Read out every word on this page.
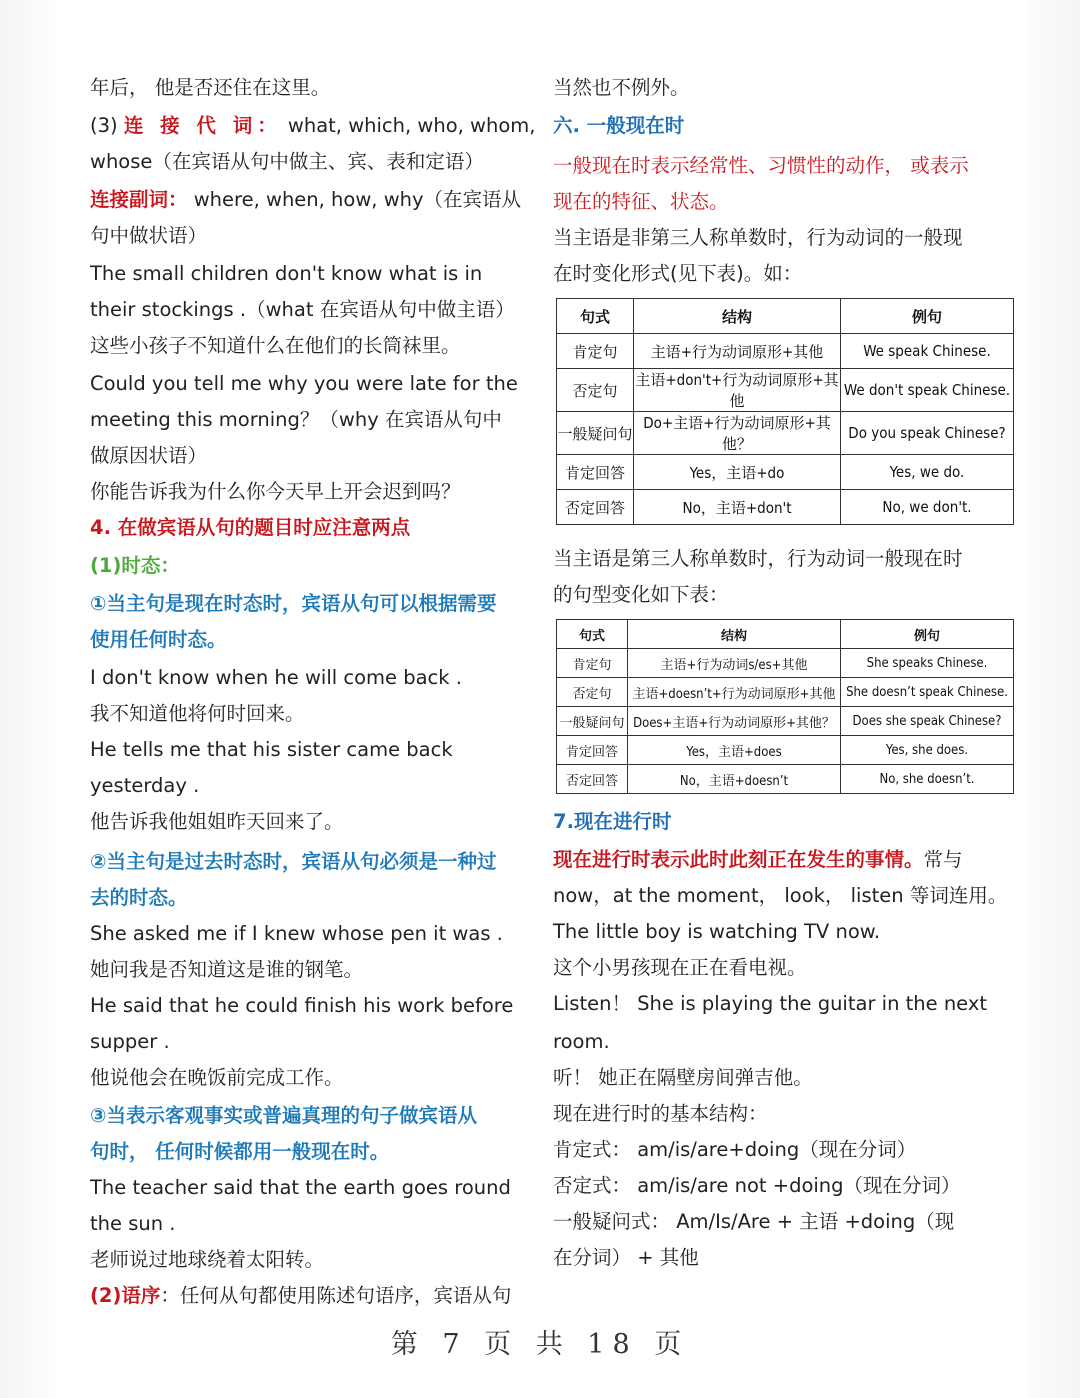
年后， 他是否还住在这里。

(3) 连 接 代 词： what, which, who, whom,

whose（在宾语从句中做主、宾、表和定语）

连接副词： where, when, how, why（在宾语从

句中做状语）

The small children don't know what is in

their stockings .（what 在宾语从句中做主语）

这些小孩子不知道什么在他们的长筒袜里。

Could you tell me why you were late for the

meeting this morning？（why 在宾语从句中

做原因状语）

你能告诉我为什么你今天早上开会迟到吗？

4. 在做宾语从句的题目时应注意两点

(1)时态：

①当主句是现在时态时，宾语从句可以根据需要

使用任何时态。

I don't know when he will come back .

我不知道他将何时回来。

He tells me that his sister came back

yesterday .

他告诉我他姐姐昨天回来了。

②当主句是过去时态时，宾语从句必须是一种过

去的时态。

She asked me if I knew whose pen it was .

她问我是否知道这是谁的钢笔。

He said that he could finish his work before

supper .

他说他会在晚饭前完成工作。

③当表示客观事实或普遍真理的句子做宾语从

句时， 任何时候都用一般现在时。

The teacher said that the earth goes round

the sun .

老师说过地球绕着太阳转。

(2)语序：任何从句都使用陈述句语序，宾语从句

当然也不例外。

六. 一般现在时

一般现在时表示经常性、习惯性的动作， 或表示

现在的特征、状态。

当主语是非第三人称单数时，行为动词的一般现

在时变化形式(见下表)。如：

句式	结构	例句
肯定句	主语+行为动词原形+其他	We speak Chinese.
否定句	主语+don't+行为动词原形+其他	We don't speak Chinese.
一般疑问句	Do+主语+行为动词原形+其他？	Do you speak Chinese?
肯定回答	Yes，主语+do	Yes, we do.
否定回答	No，主语+don't	No, we don't.

当主语是第三人称单数时，行为动词一般现在时

的句型变化如下表：

句式	结构	例句
肯定句	主语+行为动词s/es+其他	She speaks Chinese.
否定句	主语+doesn’t+行为动词原形+其他	She doesn’t speak Chinese.
一般疑问句	Does+主语+行为动词原形+其他？	Does she speak Chinese?
肯定回答	Yes，主语+does	Yes, she does.
否定回答	No，主语+doesn’t	No, she doesn’t.

7.现在进行时

现在进行时表示此时此刻正在发生的事情。常与

now，at the moment， look， listen 等词连用。

The little boy is watching TV now.

这个小男孩现在正在看电视。

Listen！ She is playing the guitar in the next

room.

听！ 她正在隔壁房间弹吉他。

现在进行时的基本结构：

肯定式： am/is/are+doing（现在分词）

否定式： am/is/are not +doing（现在分词）

一般疑问式： Am/Is/Are + 主语 +doing（现

在分词） + 其他

第 7 页 共 18 页
